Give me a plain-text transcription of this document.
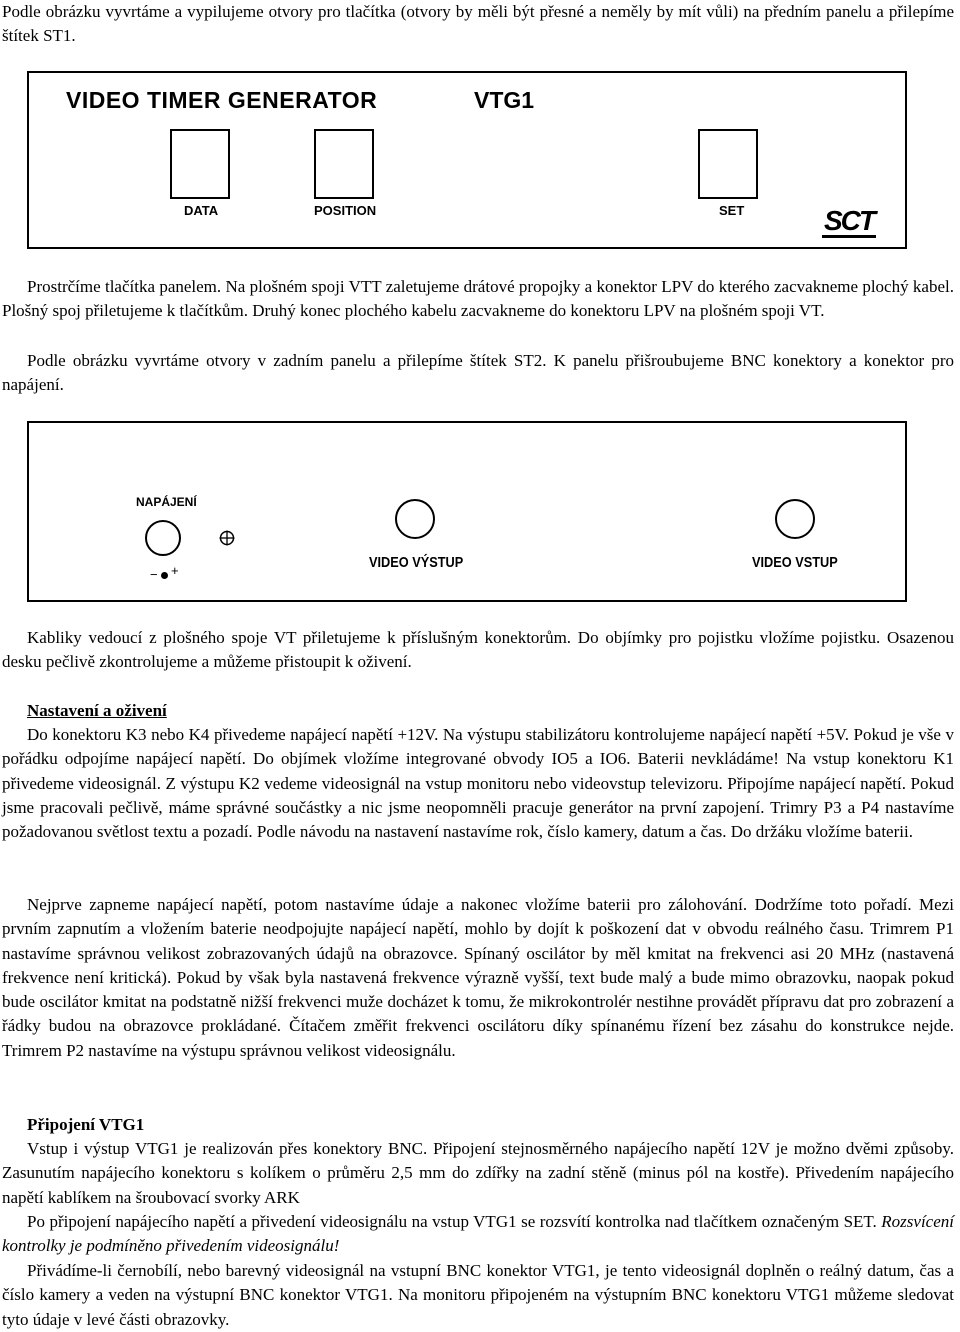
Podle obrázku vyvrtáme a vypilujeme otvory pro tlačítka (otvory by měli být přesné a neměly by mít vůli) na předním panelu a přilepíme štítek ST1.

VIDEO TIMER GENERATOR	VTG1
DATA	POSITION	SET	SCT

Prostrčíme tlačítka panelem. Na plošném spoji VTT zaletujeme drátové propojky a konektor LPV do kterého zacvakneme plochý kabel. Plošný spoj přiletujeme k tlačítkům. Druhý konec plochého kabelu zacvakneme do konektoru LPV na plošném spoji VT.

Podle obrázku vyvrtáme otvory v zadním panelu a přilepíme štítek ST2. K panelu přišroubujeme BNC konektory a konektor pro napájení.

NAPÁJENÍ
− +	VIDEO VÝSTUP	VIDEO VSTUP

Kabliky vedoucí z plošného spoje VT přiletujeme k příslušným konektorům. Do objímky pro pojistku vložíme pojistku. Osazenou desku pečlivě zkontrolujeme a můžeme přistoupit k oživení.

Nastavení a oživení

Do konektoru K3 nebo K4 přivedeme napájecí napětí +12V. Na výstupu stabilizátoru kontrolujeme napájecí napětí +5V. Pokud je vše v pořádku odpojíme napájecí napětí. Do objímek vložíme integrované obvody IO5 a IO6. Baterii nevkládáme! Na vstup konektoru K1 přivedeme videosignál. Z výstupu K2 vedeme videosignál na vstup monitoru nebo videovstup televizoru. Připojíme napájecí napětí. Pokud jsme pracovali pečlivě, máme správné součástky a nic jsme neopomněli pracuje generátor na první zapojení. Trimry P3 a P4 nastavíme požadovanou světlost textu a pozadí. Podle návodu na nastavení nastavíme rok, číslo kamery, datum a čas. Do držáku vložíme baterii.

Nejprve zapneme napájecí napětí, potom nastavíme údaje a nakonec vložíme baterii pro zálohování. Dodržíme toto pořadí. Mezi prvním zapnutím a vložením baterie neodpojujte napájecí napětí, mohlo by dojít k poškození dat v obvodu reálného času. Trimrem P1 nastavíme správnou velikost zobrazovaných údajů na obrazovce. Spínaný oscilátor by měl kmitat na frekvenci asi 20 MHz (nastavená frekvence není kritická). Pokud by však byla nastavená frekvence výrazně vyšší, text bude malý a bude mimo obrazovku, naopak pokud bude oscilátor kmitat na podstatně nižší frekvenci muže docházet k tomu, že mikrokontrolér nestihne provádět přípravu dat pro zobrazení a řádky budou na obrazovce prokládané. Čítačem změřit frekvenci oscilátoru díky spínanému řízení bez zásahu do konstrukce nejde. Trimrem P2 nastavíme na výstupu správnou velikost videosignálu.

Připojení VTG1

Vstup i výstup VTG1 je realizován přes konektory BNC. Připojení stejnosměrného napájecího napětí 12V je možno dvěmi způsoby. Zasunutím napájecího konektoru s kolíkem o průměru 2,5 mm do zdířky na zadní stěně (minus pól na kostře). Přivedením napájecího napětí kablíkem na šroubovací svorky ARK

Po připojení napájecího napětí a přivedení videosignálu na vstup VTG1 se rozsvítí kontrolka nad tlačítkem označeným SET. Rozsvícení kontrolky je podmíněno přivedením videosignálu!

Přivádíme-li černobílí, nebo barevný videosignál na vstupní BNC konektor VTG1, je tento videosignál doplněn o reálný datum, čas a číslo kamery a veden na výstupní BNC konektor VTG1. Na monitoru připojeném na výstupním BNC konektoru VTG1 můžeme sledovat tyto údaje v levé části obrazovky.
